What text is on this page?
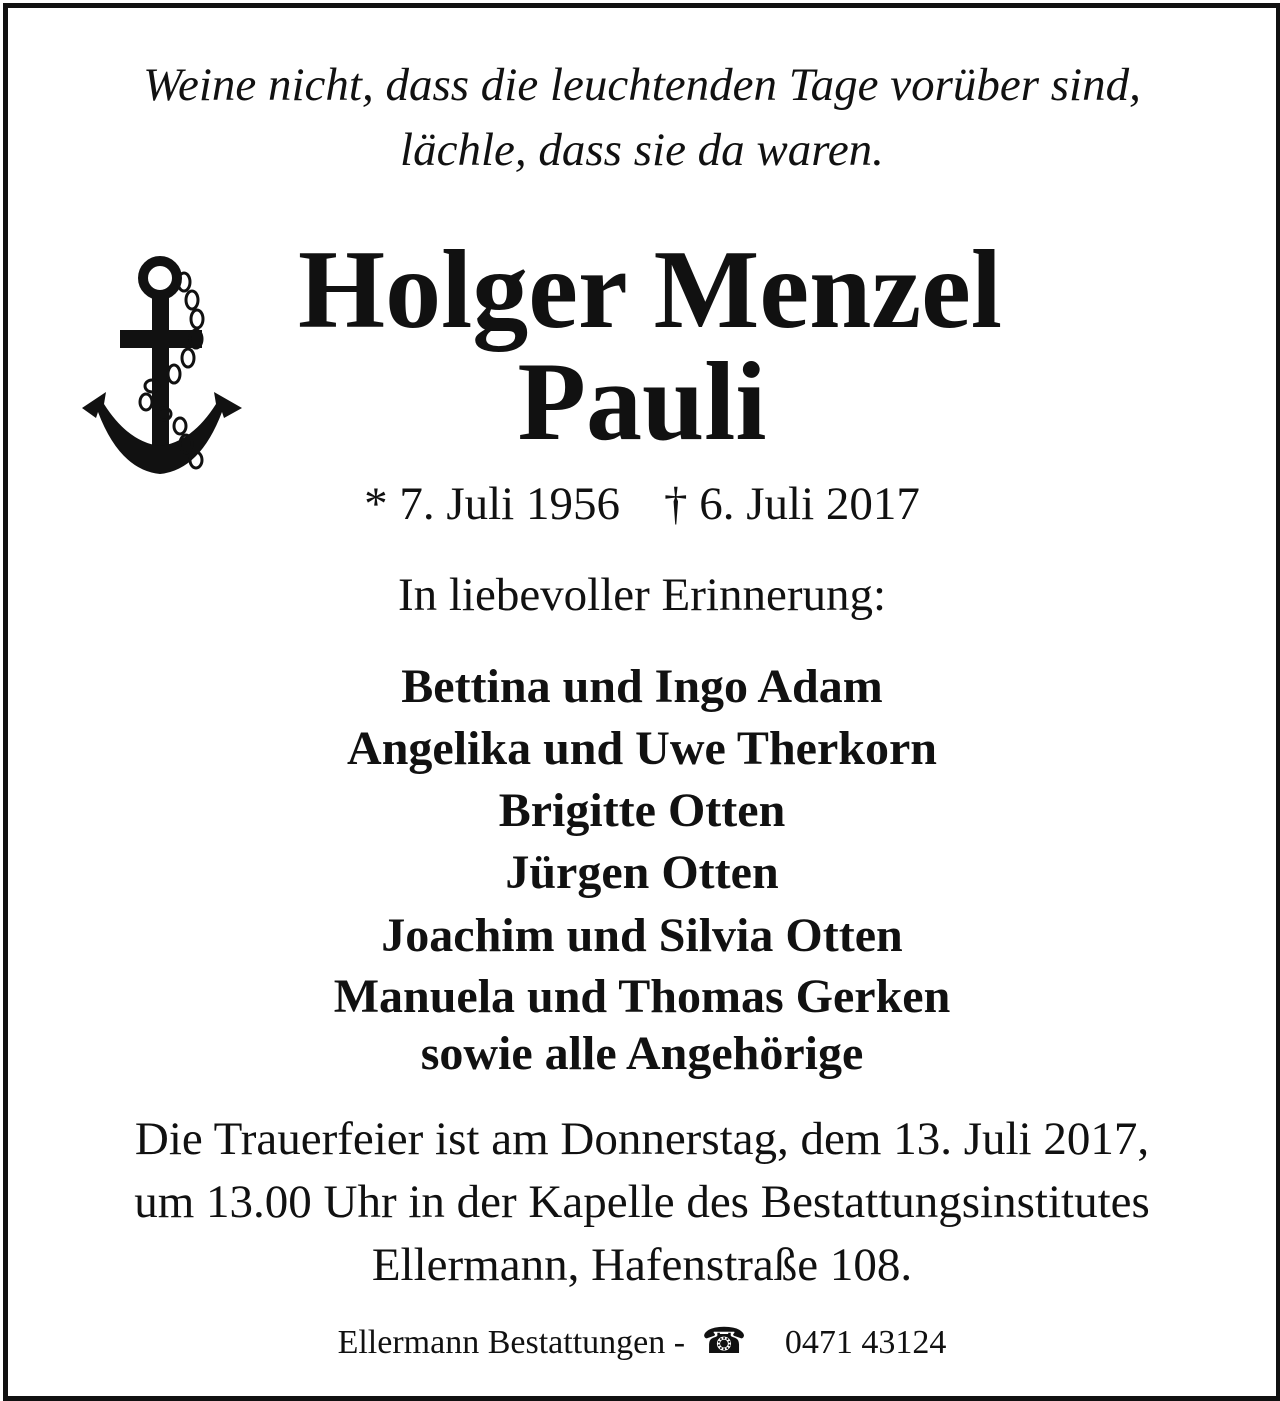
Weine nicht, dass die leuchtenden Tage vorüber sind,
lächle, dass sie da waren.
Holger Menzel
Pauli
* 7. Juli 1956 † 6. Juli 2017
In liebevoller Erinnerung:
Bettina und Ingo Adam
Angelika und Uwe Therkorn
Brigitte Otten
Jürgen Otten
Joachim und Silvia Otten
Manuela und Thomas Gerken
sowie alle Angehörige
Die Trauerfeier ist am Donnerstag, dem 13. Juli 2017,
um 13.00 Uhr in der Kapelle des Bestattungsinstitutes
Ellermann, Hafenstraße 108.
Ellermann Bestattungen - ☎ 0471 43124
